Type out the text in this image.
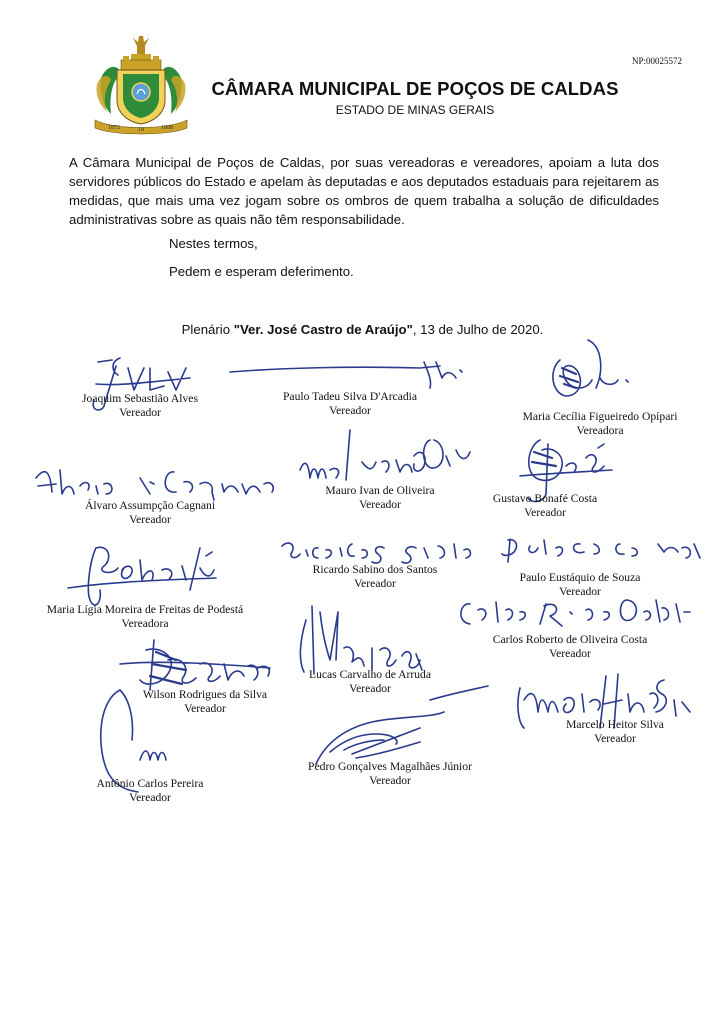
NP:00025572
1872	18	1888
CÂMARA MUNICIPAL DE POÇOS DE CALDAS
ESTADO DE MINAS GERAIS
A Câmara Municipal de Poços de Caldas, por suas vereadoras e vereadores, apoiam a luta dos servidores públicos do Estado e apelam às deputadas e aos deputados estaduais para rejeitarem as medidas, que mais uma vez jogam sobre os ombros de quem trabalha a solução de dificuldades administrativas sobre as quais não têm responsabilidade.
Nestes termos,
Pedem e esperam deferimento.
Plenário "Ver. José Castro de Araújo", 13 de Julho de 2020.
Joaquim Sebastião Alves
Vereador
Paulo Tadeu Silva D'Arcadia
Vereador	Maria Cecília Figueiredo Opípari
Vereadora
Álvaro Assumpção Cagnani
Vereador
Mauro Ivan de Oliveira
Vereador	Gustavo Bonafé Costa
Vereador
Maria Lígia Moreira de Freitas de Podestá
Vereadora
Ricardo Sabino dos Santos
Vereador	Paulo Eustáquio de Souza
Vereador
Carlos Roberto de Oliveira Costa
Vereador
Wilson Rodrigues da Silva
Vereador
Lucas Carvalho de Arruda
Vereador
Marcelo Heitor Silva
Vereador
Antônio Carlos Pereira
Vereador
Pedro Gonçalves Magalhães Júnior
Vereador
